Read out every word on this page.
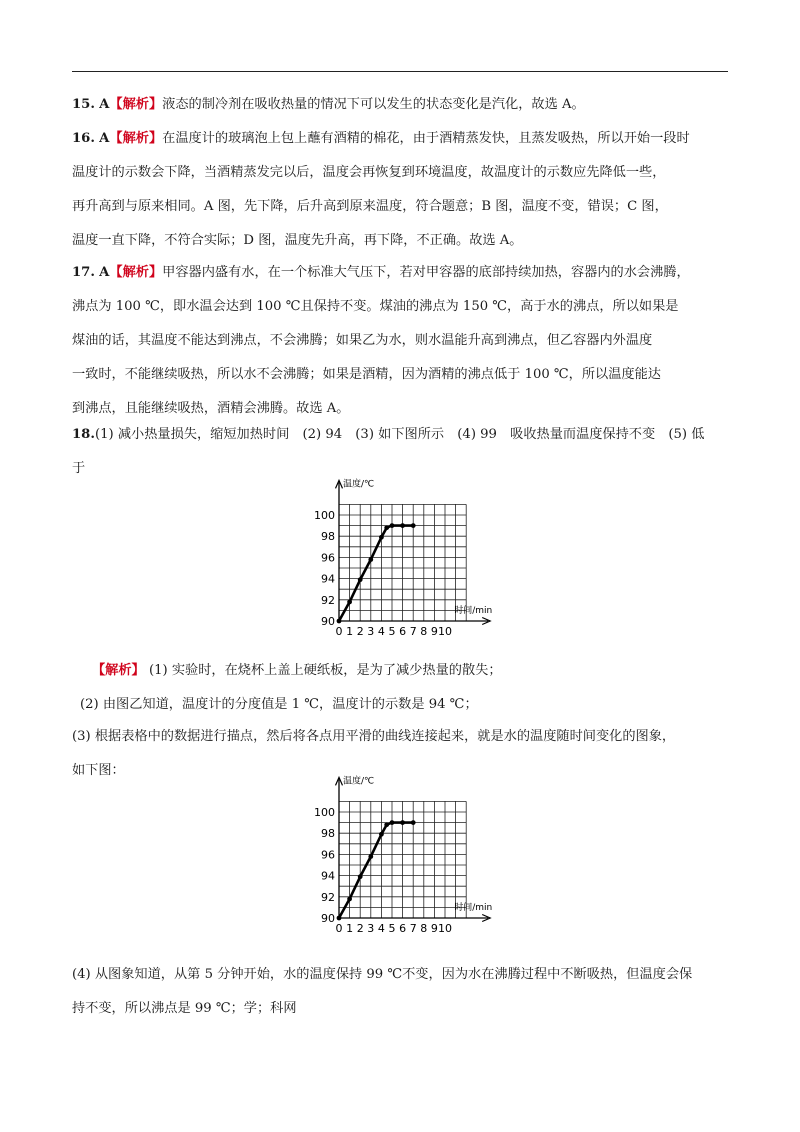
15. A【解析】液态的制冷剂在吸收热量的情况下可以发生的状态变化是汽化，故选 A。
16. A【解析】在温度计的玻璃泡上包上蘸有酒精的棉花，由于酒精蒸发快，且蒸发吸热，所以开始一段时
温度计的示数会下降，当酒精蒸发完以后，温度会再恢复到环境温度，故温度计的示数应先降低一些，
再升高到与原来相同。A 图，先下降，后升高到原来温度，符合题意；B 图，温度不变，错误；C 图，
温度一直下降，不符合实际；D 图，温度先升高，再下降，不正确。故选 A。
17. A【解析】甲容器内盛有水，在一个标准大气压下，若对甲容器的底部持续加热，容器内的水会沸腾，
沸点为 100 ℃，即水温会达到 100 ℃且保持不变。煤油的沸点为 150 ℃，高于水的沸点，所以如果是
煤油的话，其温度不能达到沸点，不会沸腾；如果乙为水，则水温能升高到沸点，但乙容器内外温度
一致时，不能继续吸热，所以水不会沸腾；如果是酒精，因为酒精的沸点低于 100 ℃，所以温度能达
到沸点，且能继续吸热，酒精会沸腾。故选 A。
18.(1) 减小热量损失，缩短加热时间　(2) 94　(3) 如下图所示　(4) 99　吸收热量而温度保持不变　(5) 低
于
温度/℃
时间/min
90
92
94
96
98
100
0 1 2 3 4 5 6 7 8 9 10
【解析】 (1) 实验时，在烧杯上盖上硬纸板，是为了减少热量的散失；
(2) 由图乙知道，温度计的分度值是 1 ℃，温度计的示数是 94 ℃；
(3) 根据表格中的数据进行描点，然后将各点用平滑的曲线连接起来，就是水的温度随时间变化的图象，
如下图：
温度/℃
时间/min
90
92
94
96
98
100
0 1 2 3 4 5 6 7 8 9 10
(4) 从图象知道，从第 5 分钟开始，水的温度保持 99 ℃不变，因为水在沸腾过程中不断吸热，但温度会保
持不变，所以沸点是 99 ℃；学；科网
